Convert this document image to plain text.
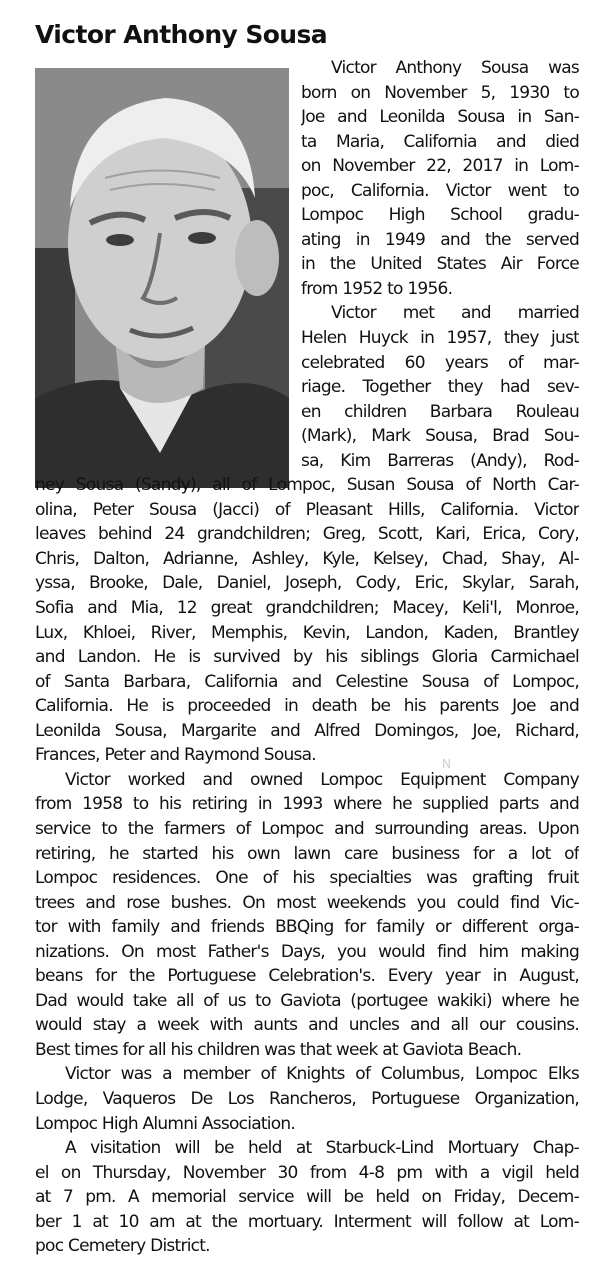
Victor Anthony Sousa
Victor Anthony Sousa was
born on November 5, 1930 to
Joe and Leonilda Sousa in San-
ta Maria, California and died
on November 22, 2017 in Lom-
poc, California. Victor went to
Lompoc High School gradu-
ating in 1949 and the served
in the United States Air Force
from 1952 to 1956.
Victor met and married
Helen Huyck in 1957, they just
celebrated 60 years of mar-
riage. Together they had sev-
en children Barbara Rouleau
(Mark), Mark Sousa, Brad Sou-
sa, Kim Barreras (Andy), Rod-
ney Sousa (Sandy), all of Lompoc, Susan Sousa of North Car-
olina, Peter Sousa (Jacci) of Pleasant Hills, California. Victor
leaves behind 24 grandchildren; Greg, Scott, Kari, Erica, Cory,
Chris, Dalton, Adrianne, Ashley, Kyle, Kelsey, Chad, Shay, Al-
yssa, Brooke, Dale, Daniel, Joseph, Cody, Eric, Skylar, Sarah,
Sofia and Mia, 12 great grandchildren; Macey, Keli'l, Monroe,
Lux, Khloei, River, Memphis, Kevin, Landon, Kaden, Brantley
and Landon. He is survived by his siblings Gloria Carmichael
of Santa Barbara, California and Celestine Sousa of Lompoc,
California. He is proceeded in death be his parents Joe and
Leonilda Sousa, Margarite and Alfred Domingos, Joe, Richard,
Frances, Peter and Raymond Sousa.
Victor worked and owned Lompoc Equipment Company
from 1958 to his retiring in 1993 where he supplied parts and
service to the farmers of Lompoc and surrounding areas. Upon
retiring, he started his own lawn care business for a lot of
Lompoc residences. One of his specialties was grafting fruit
trees and rose bushes. On most weekends you could find Vic-
tor with family and friends BBQing for family or different orga-
nizations. On most Father's Days, you would find him making
beans for the Portuguese Celebration's. Every year in August,
Dad would take all of us to Gaviota (portugee wakiki) where he
would stay a week with aunts and uncles and all our cousins.
Best times for all his children was that week at Gaviota Beach.
Victor was a member of Knights of Columbus, Lompoc Elks
Lodge, Vaqueros De Los Rancheros, Portuguese Organization,
Lompoc High Alumni Association.
A visitation will be held at Starbuck-Lind Mortuary Chap-
el on Thursday, November 30 from 4-8 pm with a vigil held
at 7 pm. A memorial service will be held on Friday, Decem-
ber 1 at 10 am at the mortuary. Interment will follow at Lom-
poc Cemetery District.
N
